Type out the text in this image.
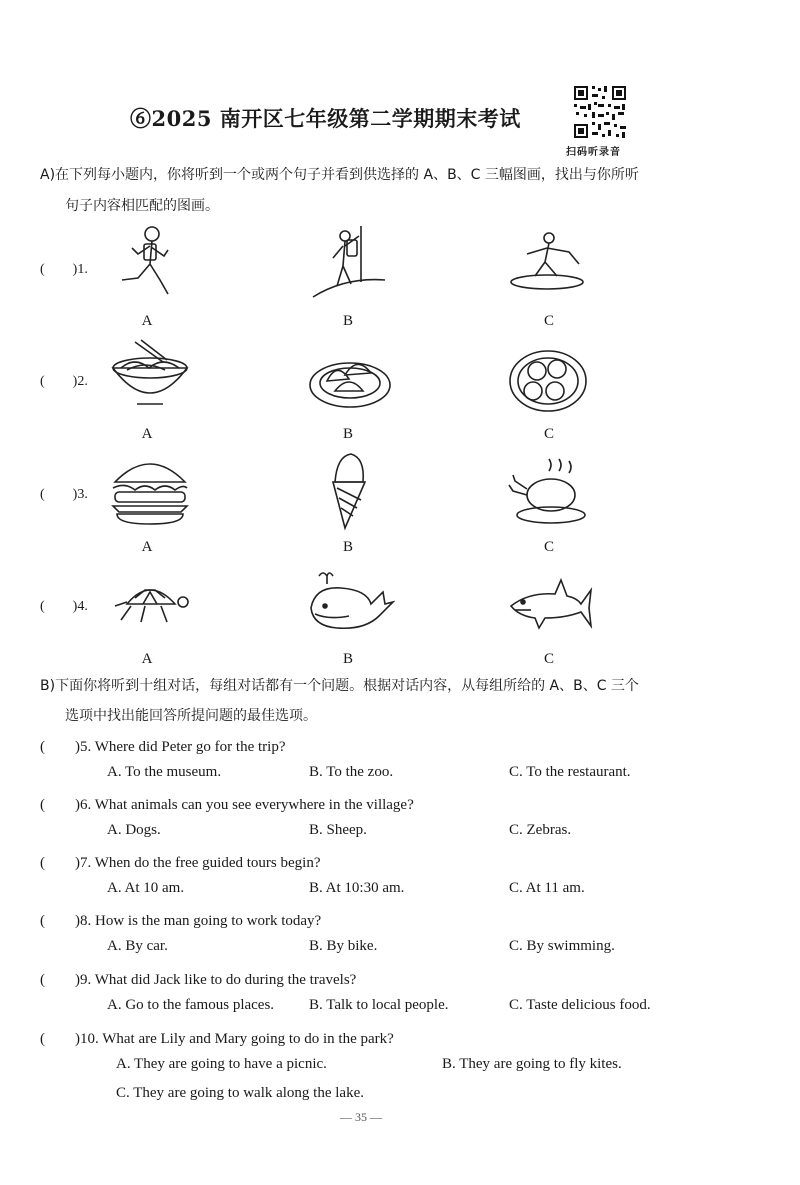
⑥2025 南开区七年级第二学期期末考试
扫码听录音
A)在下列每小题内，你将听到一个或两个句子并看到供选择的 A、B、C 三幅图画，找出与你所听
句子内容相匹配的图画。
(　　)1.
A	B	C
(　　)2.
A	B	C
(　　)3.
A	B	C
(　　)4.
A	B	C
B)下面你将听到十组对话，每组对话都有一个问题。根据对话内容，从每组所给的 A、B、C 三个
选项中找出能回答所提问题的最佳选项。
(　　)5. Where did Peter go for the trip?
A. To the museum.	B. To the zoo.	C. To the restaurant.
(　　)6. What animals can you see everywhere in the village?
A. Dogs.	B. Sheep.	C. Zebras.
(　　)7. When do the free guided tours begin?
A. At 10 am.	B. At 10:30 am.	C. At 11 am.
(　　)8. How is the man going to work today?
A. By car.	B. By bike.	C. By swimming.
(　　)9. What did Jack like to do during the travels?
A. Go to the famous places. B. Talk to local people.	C. Taste delicious food.
(　　)10. What are Lily and Mary going to do in the park?
A. They are going to have a picnic.	B. They are going to fly kites.
C. They are going to walk along the lake.
— 35 —
